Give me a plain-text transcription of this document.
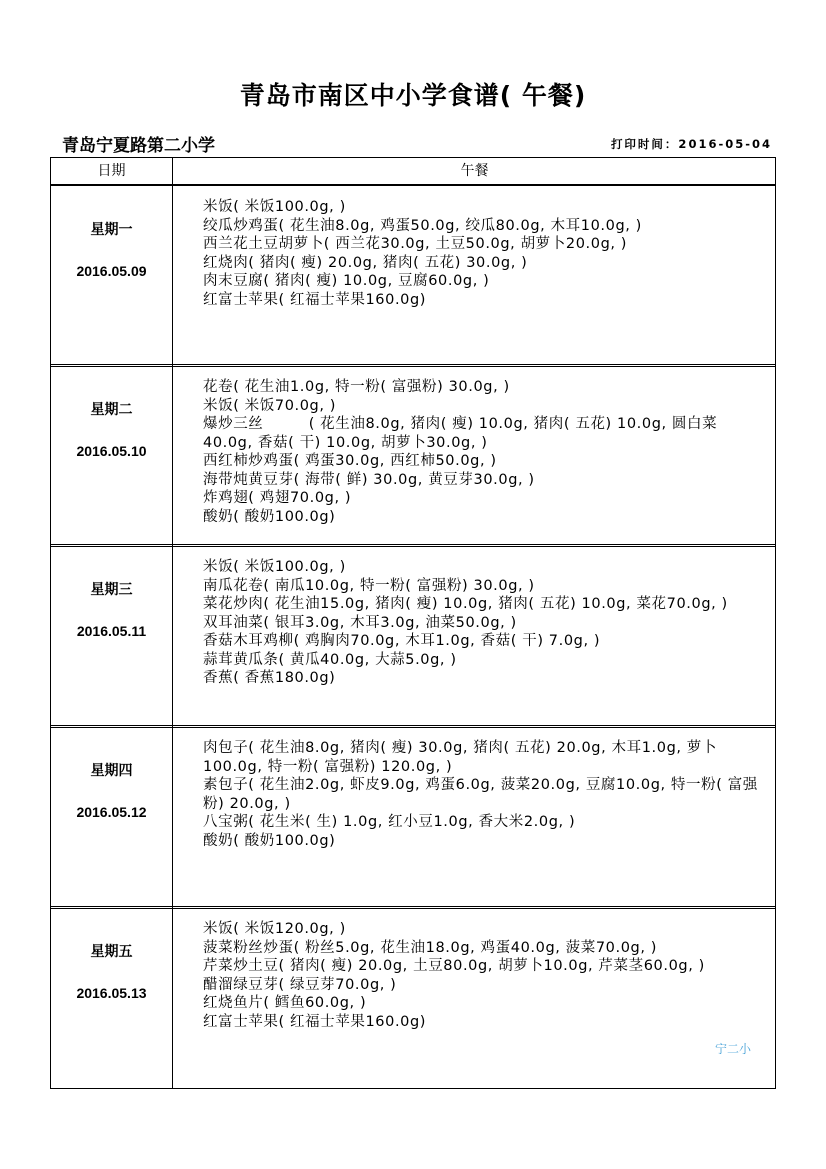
青岛市南区中小学食谱( 午餐)
青岛宁夏路第二小学	打印时间：2016-05-04
日期	午餐
星期一
2016.05.09
米饭( 米饭100.0g, )
绞瓜炒鸡蛋( 花生油8.0g, 鸡蛋50.0g, 绞瓜80.0g, 木耳10.0g, )
西兰花土豆胡萝卜( 西兰花30.0g, 土豆50.0g, 胡萝卜20.0g, )
红烧肉( 猪肉( 瘦) 20.0g, 猪肉( 五花) 30.0g, )
肉末豆腐( 猪肉( 瘦) 10.0g, 豆腐60.0g, )
红富士苹果( 红福士苹果160.0g)
星期二
2016.05.10
花卷( 花生油1.0g, 特一粉( 富强粉) 30.0g, )
米饭( 米饭70.0g, )
爆炒三丝　　　( 花生油8.0g, 猪肉( 瘦) 10.0g, 猪肉( 五花) 10.0g, 圆白菜40.0g, 香菇( 干) 10.0g, 胡萝卜30.0g, )
西红柿炒鸡蛋( 鸡蛋30.0g, 西红柿50.0g, )
海带炖黄豆芽( 海带( 鲜) 30.0g, 黄豆芽30.0g, )
炸鸡翅( 鸡翅70.0g, )
酸奶( 酸奶100.0g)
星期三
2016.05.11
米饭( 米饭100.0g, )
南瓜花卷( 南瓜10.0g, 特一粉( 富强粉) 30.0g, )
菜花炒肉( 花生油15.0g, 猪肉( 瘦) 10.0g, 猪肉( 五花) 10.0g, 菜花70.0g, )
双耳油菜( 银耳3.0g, 木耳3.0g, 油菜50.0g, )
香菇木耳鸡柳( 鸡胸肉70.0g, 木耳1.0g, 香菇( 干) 7.0g, )
蒜茸黄瓜条( 黄瓜40.0g, 大蒜5.0g, )
香蕉( 香蕉180.0g)
星期四
2016.05.12
肉包子( 花生油8.0g, 猪肉( 瘦) 30.0g, 猪肉( 五花) 20.0g, 木耳1.0g, 萝卜100.0g, 特一粉( 富强粉) 120.0g, )
素包子( 花生油2.0g, 虾皮9.0g, 鸡蛋6.0g, 菠菜20.0g, 豆腐10.0g, 特一粉( 富强粉) 20.0g, )
八宝粥( 花生米( 生) 1.0g, 红小豆1.0g, 香大米2.0g, )
酸奶( 酸奶100.0g)
星期五
2016.05.13
米饭( 米饭120.0g, )
菠菜粉丝炒蛋( 粉丝5.0g, 花生油18.0g, 鸡蛋40.0g, 菠菜70.0g, )
芹菜炒土豆( 猪肉( 瘦) 20.0g, 土豆80.0g, 胡萝卜10.0g, 芹菜茎60.0g, )
醋溜绿豆芽( 绿豆芽70.0g, )
红烧鱼片( 鳕鱼60.0g, )
红富士苹果( 红福士苹果160.0g)
宁二小
